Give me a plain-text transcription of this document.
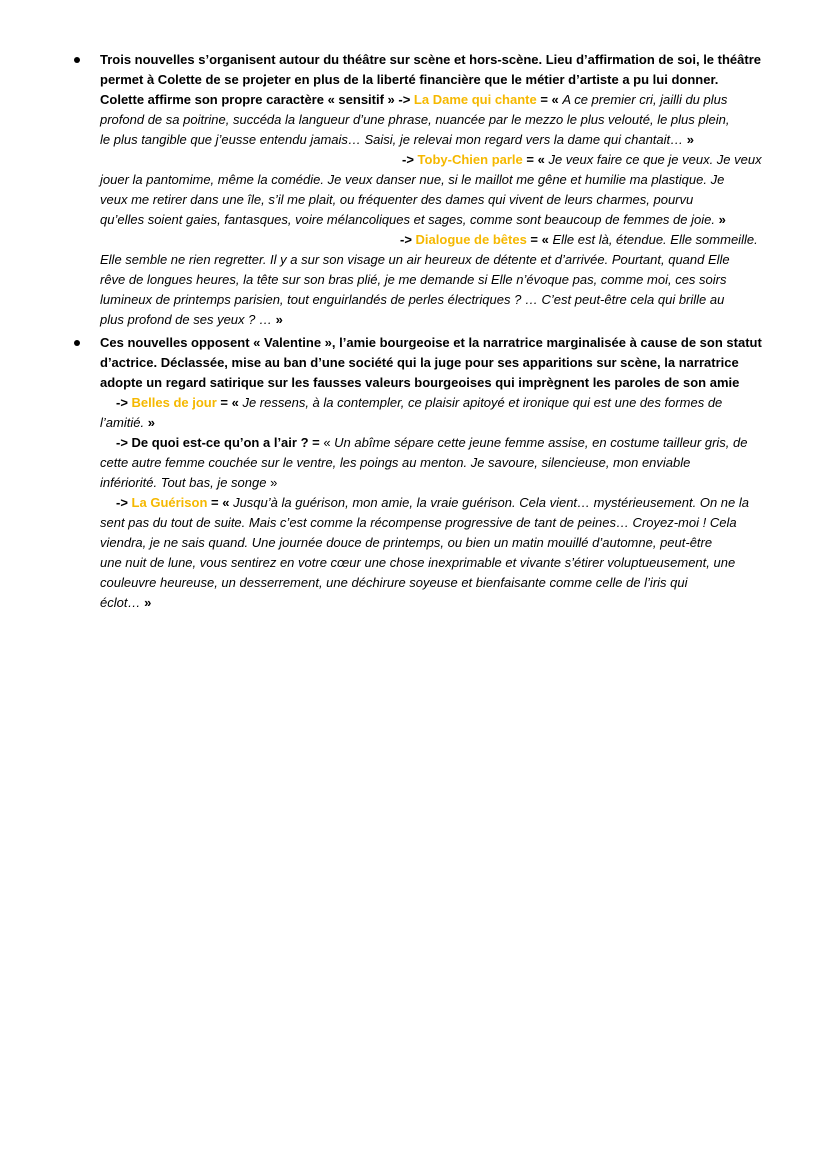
Trois nouvelles s’organisent autour du théâtre sur scène et hors-scène. Lieu d’affirmation de soi, le théâtre
permet à Colette de se projeter en plus de la liberté financière que le métier d’artiste a pu lui donner.
Colette affirme son propre caractère « sensitif » -> La Dame qui chante = « A ce premier cri, jailli du plus
profond de sa poitrine, succéda la langueur d’une phrase, nuancée par le mezzo le plus velouté, le plus plein,
le plus tangible que j’eusse entendu jamais… Saisi, je relevai mon regard vers la dame qui chantait… »
-> Toby-Chien parle = « Je veux faire ce que je veux. Je veux
jouer la pantomime, même la comédie. Je veux danser nue, si le maillot me gêne et humilie ma plastique. Je
veux me retirer dans une île, s’il me plait, ou fréquenter des dames qui vivent de leurs charmes, pourvu
qu’elles soient gaies, fantasques, voire mélancoliques et sages, comme sont beaucoup de femmes de joie. »
-> Dialogue de bêtes = « Elle est là, étendue. Elle sommeille.
Elle semble ne rien regretter. Il y a sur son visage un air heureux de détente et d’arrivée. Pourtant, quand Elle
rêve de longues heures, la tête sur son bras plié, je me demande si Elle n’évoque pas, comme moi, ces soirs
lumineux de printemps parisien, tout enguirlandés de perles électriques ? … C’est peut-être cela qui brille au
plus profond de ses yeux ? … »
Ces nouvelles opposent « Valentine », l’amie bourgeoise et la narratrice marginalisée à cause de son statut
d’actrice. Déclassée, mise au ban d’une société qui la juge pour ses apparitions sur scène, la narratrice
adopte un regard satirique sur les fausses valeurs bourgeoises qui imprègnent les paroles de son amie
-> Belles de jour = « Je ressens, à la contempler, ce plaisir apitoyé et ironique qui est une des formes de
l’amitié. »
-> De quoi est-ce qu’on a l’air ? = « Un abîme sépare cette jeune femme assise, en costume tailleur gris, de
cette autre femme couchée sur le ventre, les poings au menton. Je savoure, silencieuse, mon enviable
infériorité. Tout bas, je songe »
-> La Guérison = « Jusqu’à la guérison, mon amie, la vraie guérison. Cela vient… mystérieusement. On ne la
sent pas du tout de suite. Mais c’est comme la récompense progressive de tant de peines… Croyez-moi ! Cela
viendra, je ne sais quand. Une journée douce de printemps, ou bien un matin mouillé d’automne, peut-être
une nuit de lune, vous sentirez en votre cœur une chose inexprimable et vivante s’étirer voluptueusement, une
couleuvre heureuse, un desserrement, une déchirure soyeuse et bienfaisante comme celle de l’iris qui
éclot… »
